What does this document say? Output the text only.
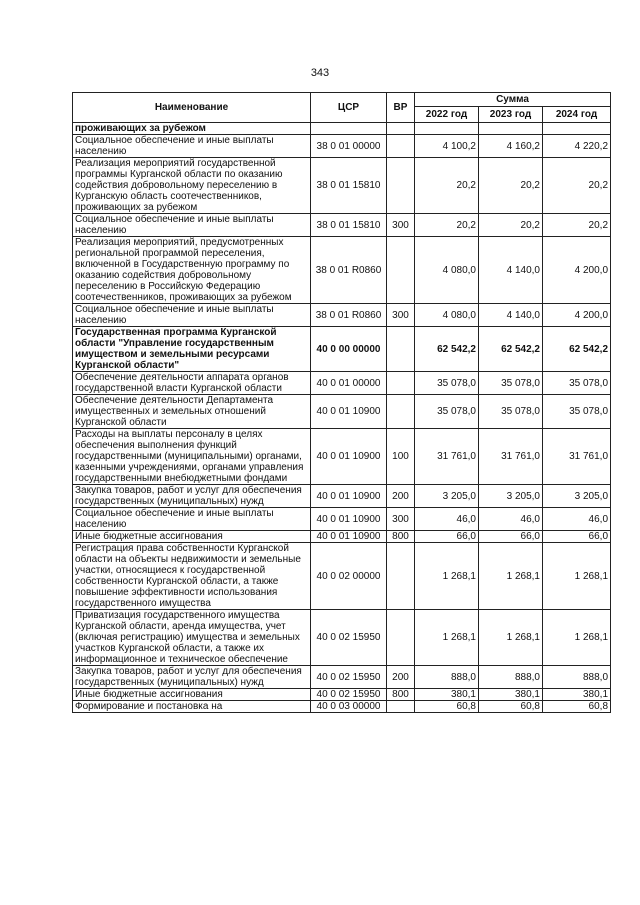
343
Наименование	ЦСР	ВР	Сумма		
			2022 год	2023 год	2024 год
проживающих за рубежом					
Социальное обеспечение и иные выплаты населению	38 0 01 00000		4 100,2	4 160,2	4 220,2
Реализация мероприятий государственной программы Курганской области по оказанию содействия добровольному переселению в Курганскую область соотечественников, проживающих за рубежом	38 0 01 15810		20,2	20,2	20,2
Социальное обеспечение и иные выплаты населению	38 0 01 15810	300	20,2	20,2	20,2
Реализация мероприятий, предусмотренных региональной программой переселения, включенной в Государственную программу по оказанию содействия добровольному переселению в Российскую Федерацию соотечественников, проживающих за рубежом	38 0 01 R0860		4 080,0	4 140,0	4 200,0
Социальное обеспечение и иные выплаты населению	38 0 01 R0860	300	4 080,0	4 140,0	4 200,0
Государственная программа Курганской области "Управление государственным имуществом и земельными ресурсами Курганской области"	40 0 00 00000		62 542,2	62 542,2	62 542,2
Обеспечение деятельности аппарата органов государственной власти Курганской области	40 0 01 00000		35 078,0	35 078,0	35 078,0
Обеспечение деятельности Департамента имущественных и земельных отношений Курганской области	40 0 01 10900		35 078,0	35 078,0	35 078,0
Расходы на выплаты персоналу в целях обеспечения выполнения функций государственными (муниципальными) органами, казенными учреждениями, органами управления государственными внебюджетными фондами	40 0 01 10900	100	31 761,0	31 761,0	31 761,0
Закупка товаров, работ и услуг для обеспечения государственных (муниципальных) нужд	40 0 01 10900	200	3 205,0	3 205,0	3 205,0
Социальное обеспечение и иные выплаты населению	40 0 01 10900	300	46,0	46,0	46,0
Иные бюджетные ассигнования	40 0 01 10900	800	66,0	66,0	66,0
Регистрация права собственности Курганской области на объекты недвижимости и земельные участки, относящиеся к государственной собственности Курганской области, а также повышение эффективности использования государственного имущества	40 0 02 00000		1 268,1	1 268,1	1 268,1
Приватизация государственного имущества Курганской области, аренда имущества, учет (включая регистрацию) имущества и земельных участков Курганской области, а также их информационное и техническое обеспечение	40 0 02 15950		1 268,1	1 268,1	1 268,1
Закупка товаров, работ и услуг для обеспечения государственных (муниципальных) нужд	40 0 02 15950	200	888,0	888,0	888,0
Иные бюджетные ассигнования	40 0 02 15950	800	380,1	380,1	380,1
Формирование и постановка на	40 0 03 00000		60,8	60,8	60,8
